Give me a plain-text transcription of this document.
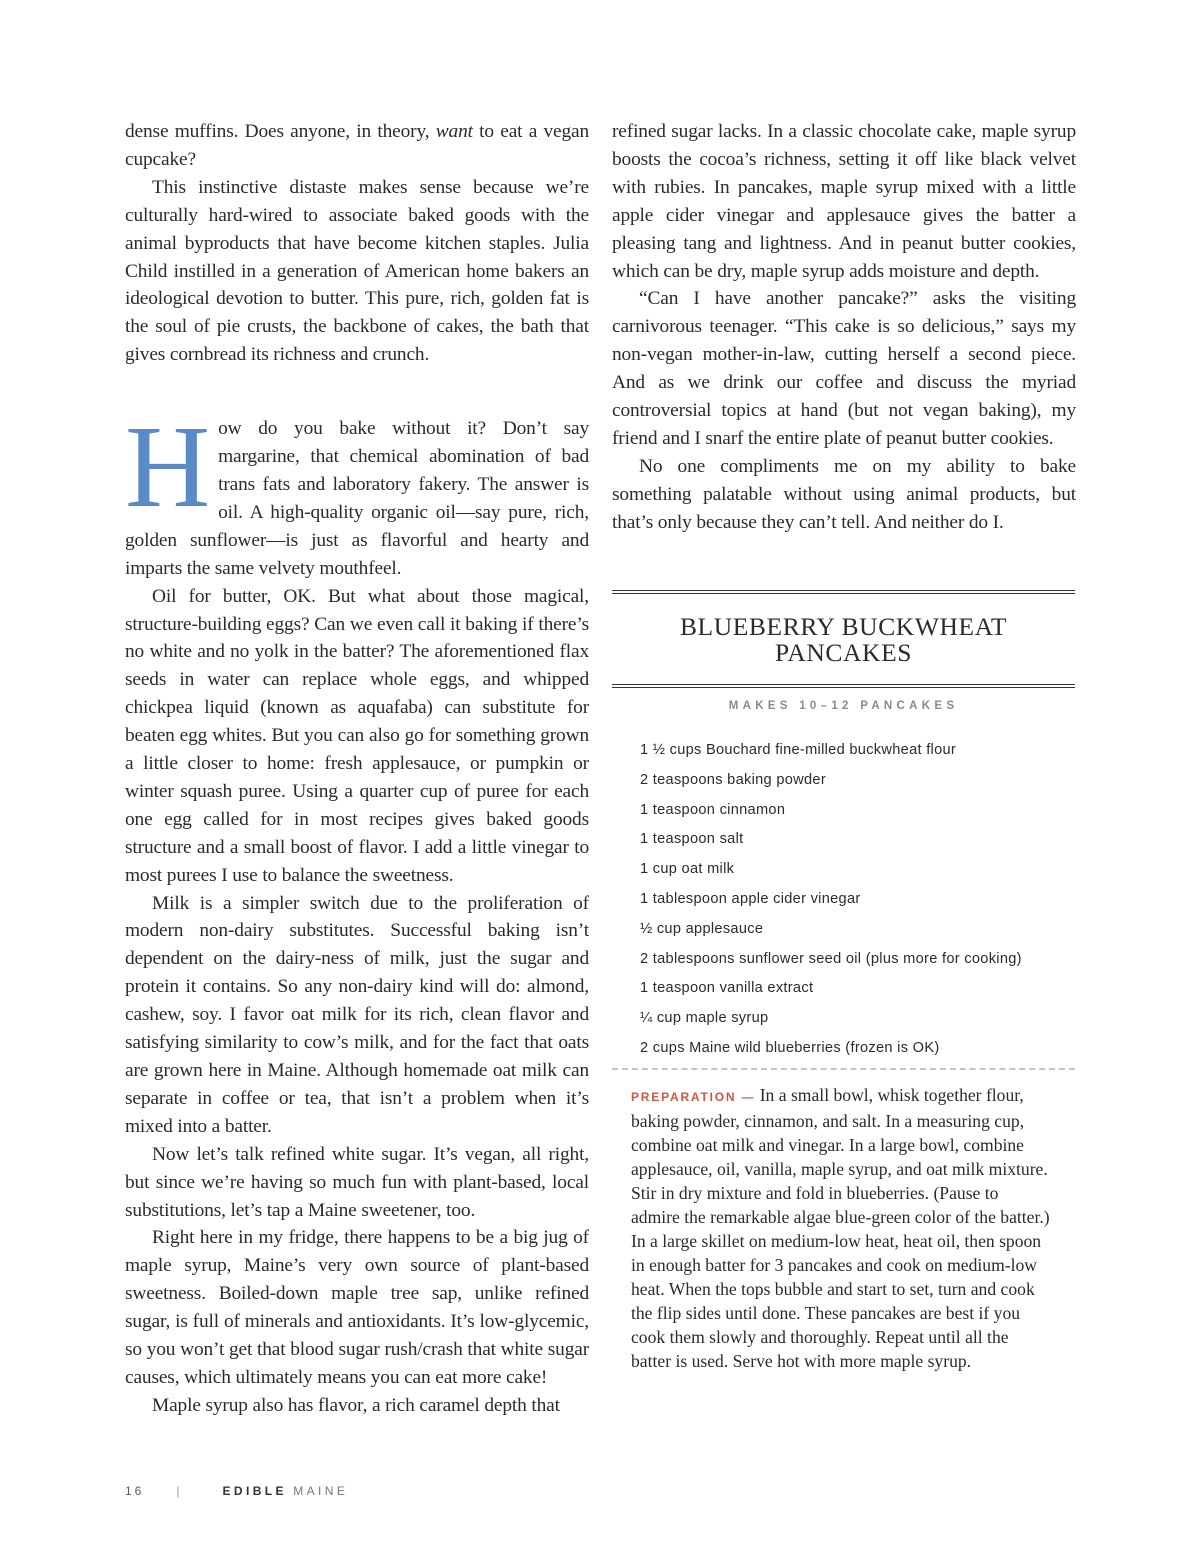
dense muffins. Does anyone, in theory, want to eat a vegan cupcake?

This instinctive distaste makes sense because we’re culturally hard-wired to associate baked goods with the animal byproducts that have become kitchen staples. Julia Child instilled in a generation of American home bakers an ideological devotion to butter. This pure, rich, golden fat is the soul of pie crusts, the backbone of cakes, the bath that gives cornbread its richness and crunch.

How do you bake without it? Don’t say margarine, that chemical abomination of bad trans fats and laboratory fakery. The answer is oil. A high-quality organic oil—say pure, rich, golden sunflower—is just as flavorful and hearty and imparts the same velvety mouthfeel.

Oil for butter, OK. But what about those magical, structure-building eggs? Can we even call it baking if there’s no white and no yolk in the batter? The aforementioned flax seeds in water can replace whole eggs, and whipped chickpea liquid (known as aquafaba) can substitute for beaten egg whites. But you can also go for something grown a little closer to home: fresh applesauce, or pumpkin or winter squash puree. Using a quarter cup of puree for each one egg called for in most recipes gives baked goods structure and a small boost of flavor. I add a little vinegar to most purees I use to balance the sweetness.

Milk is a simpler switch due to the proliferation of modern non-dairy substitutes. Successful baking isn’t dependent on the dairy-ness of milk, just the sugar and protein it contains. So any non-dairy kind will do: almond, cashew, soy. I favor oat milk for its rich, clean flavor and satisfying similarity to cow’s milk, and for the fact that oats are grown here in Maine. Although homemade oat milk can separate in coffee or tea, that isn’t a problem when it’s mixed into a batter.

Now let’s talk refined white sugar. It’s vegan, all right, but since we’re having so much fun with plant-based, local substitutions, let’s tap a Maine sweetener, too.

Right here in my fridge, there happens to be a big jug of maple syrup, Maine’s very own source of plant-based sweetness. Boiled-down maple tree sap, unlike refined sugar, is full of minerals and antioxidants. It’s low-glycemic, so you won’t get that blood sugar rush/crash that white sugar causes, which ultimately means you can eat more cake!

Maple syrup also has flavor, a rich caramel depth that

refined sugar lacks. In a classic chocolate cake, maple syrup boosts the cocoa’s richness, setting it off like black velvet with rubies. In pancakes, maple syrup mixed with a little apple cider vinegar and applesauce gives the batter a pleasing tang and lightness. And in peanut butter cookies, which can be dry, maple syrup adds moisture and depth.

“Can I have another pancake?” asks the visiting carnivorous teenager. “This cake is so delicious,” says my non-vegan mother-in-law, cutting herself a second piece. And as we drink our coffee and discuss the myriad controversial topics at hand (but not vegan baking), my friend and I snarf the entire plate of peanut butter cookies.

No one compliments me on my ability to bake something palatable without using animal products, but that’s only because they can’t tell. And neither do I.

BLUEBERRY BUCKWHEAT
PANCAKES
MAKES 10–12 PANCAKES
1 ½ cups Bouchard fine-milled buckwheat flour
2 teaspoons baking powder
1 teaspoon cinnamon
1 teaspoon salt
1 cup oat milk
1 tablespoon apple cider vinegar
½ cup applesauce
2 tablespoons sunflower seed oil (plus more for cooking)
1 teaspoon vanilla extract
¼ cup maple syrup
2 cups Maine wild blueberries (frozen is OK)

PREPARATION — In a small bowl, whisk together flour, baking powder, cinnamon, and salt. In a measuring cup, combine oat milk and vinegar. In a large bowl, combine applesauce, oil, vanilla, maple syrup, and oat milk mixture. Stir in dry mixture and fold in blueberries. (Pause to admire the remarkable algae blue-green color of the batter.) In a large skillet on medium-low heat, heat oil, then spoon in enough batter for 3 pancakes and cook on medium-low heat. When the tops bubble and start to set, turn and cook the flip sides until done. These pancakes are best if you cook them slowly and thoroughly. Repeat until all the batter is used. Serve hot with more maple syrup.

16	|	EDIBLE MAINE
